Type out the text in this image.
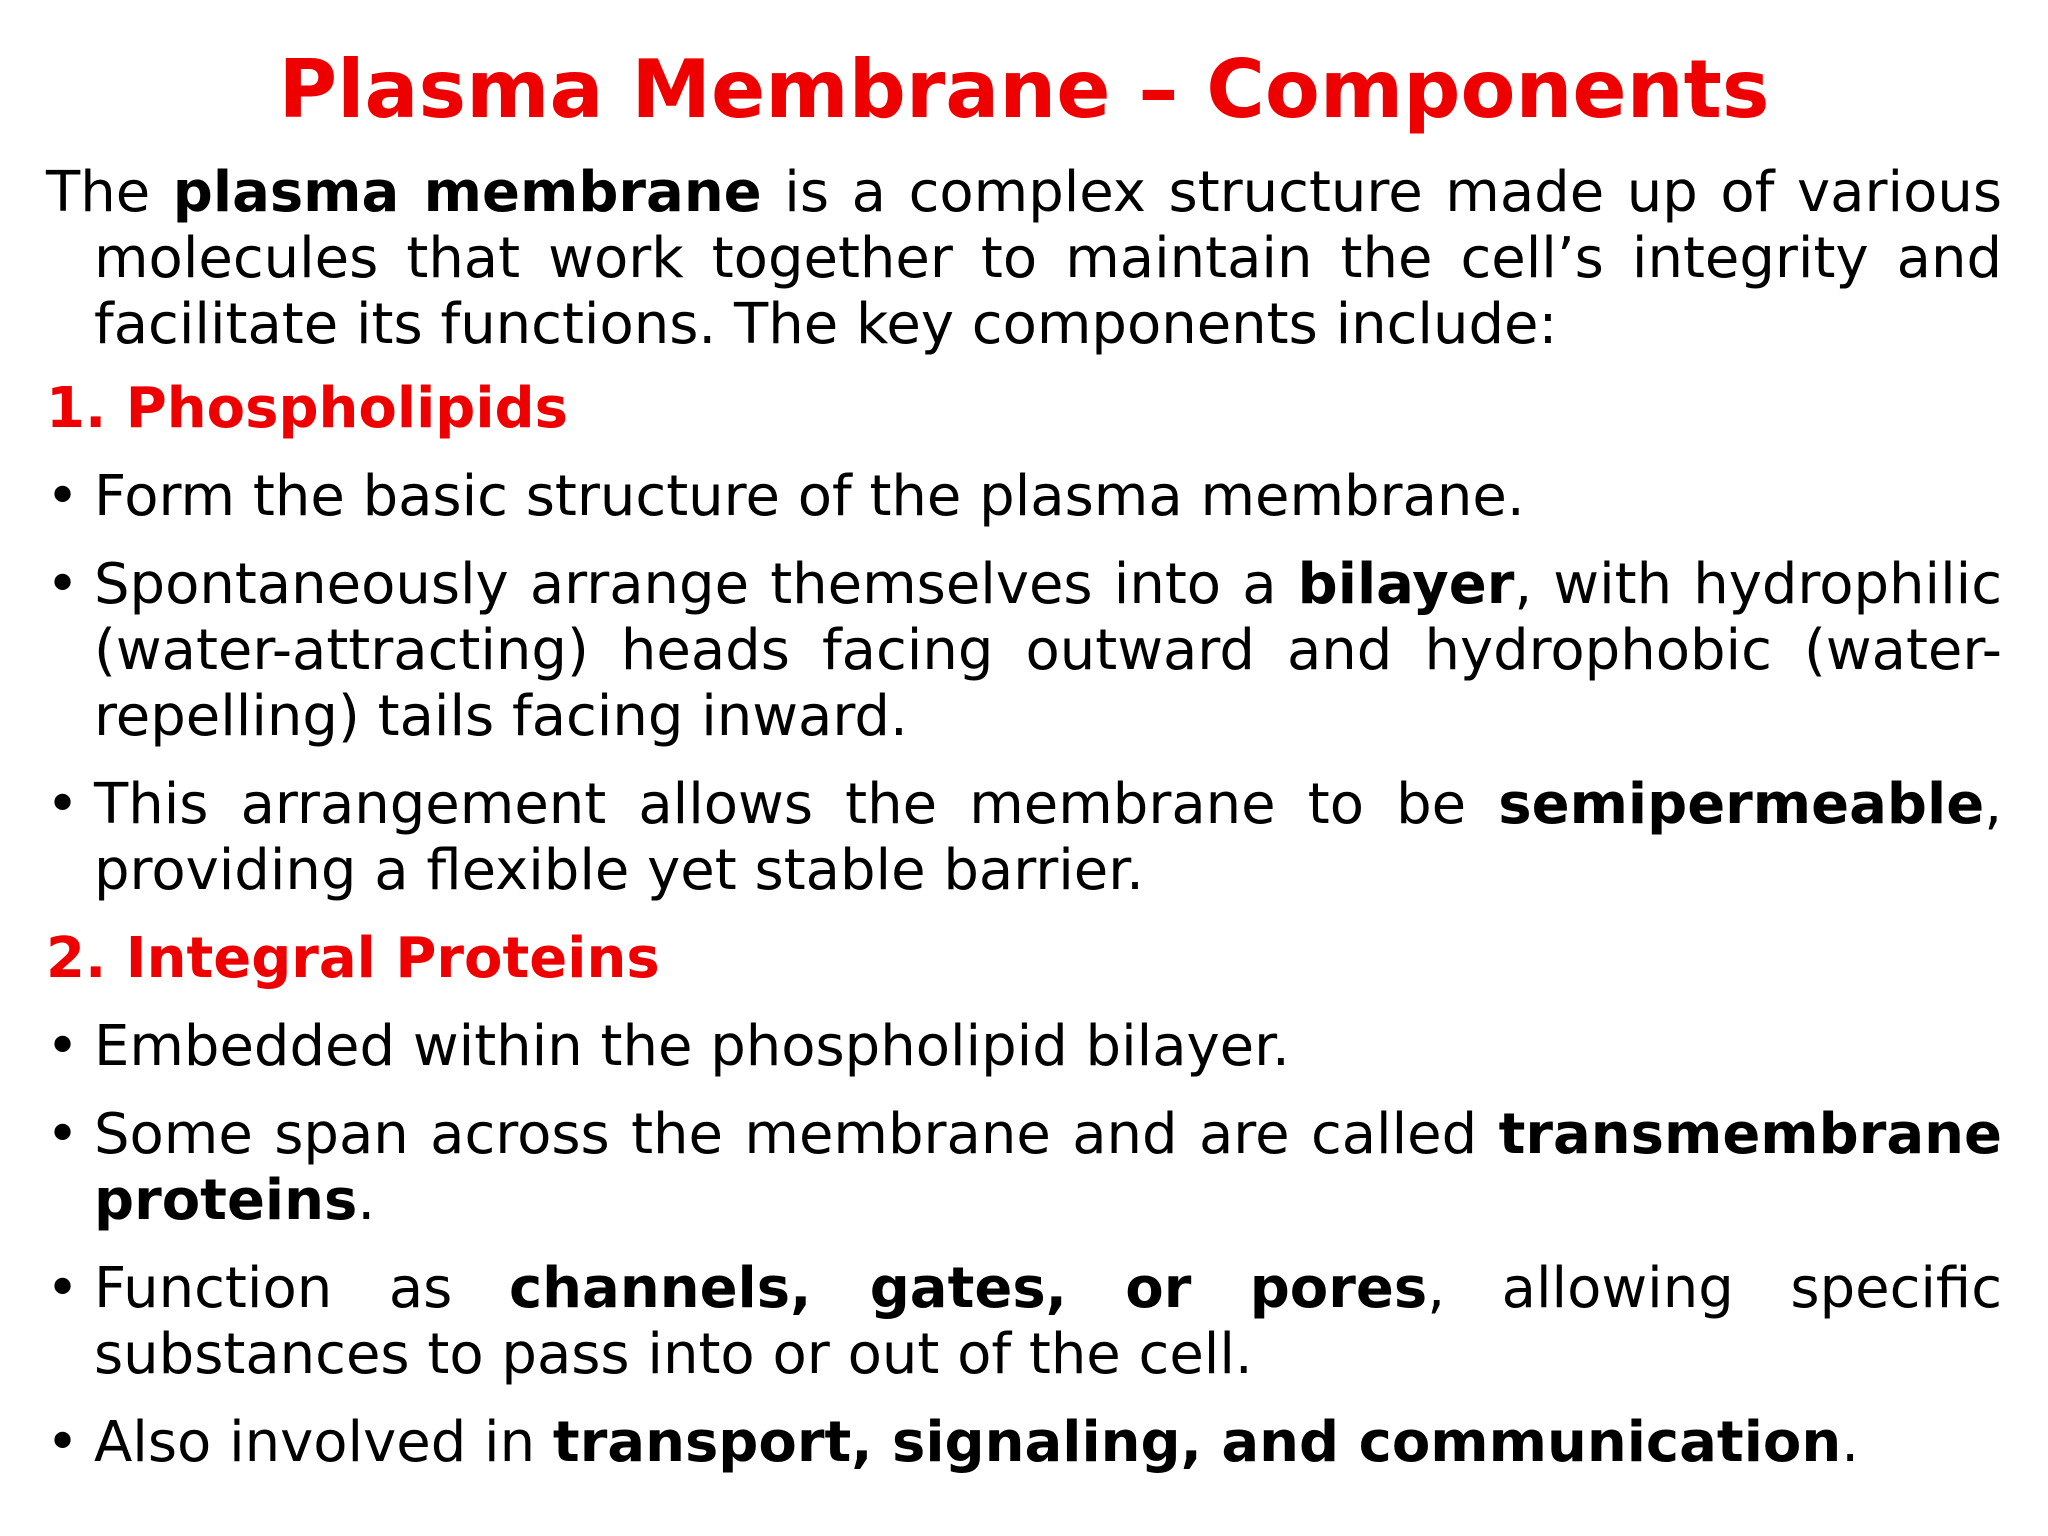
Plasma Membrane – Components

The plasma membrane is a complex structure made up of various molecules that work together to maintain the cell’s integrity and facilitate its functions. The key components include:

1. Phospholipids

• Form the basic structure of the plasma membrane.
• Spontaneously arrange themselves into a bilayer, with hydrophilic (water-attracting) heads facing outward and hydrophobic (water-repelling) tails facing inward.
• This arrangement allows the membrane to be semipermeable, providing a flexible yet stable barrier.

2. Integral Proteins

• Embedded within the phospholipid bilayer.
• Some span across the membrane and are called transmembrane proteins.
• Function as channels, gates, or pores, allowing specific substances to pass into or out of the cell.
• Also involved in transport, signaling, and communication.
